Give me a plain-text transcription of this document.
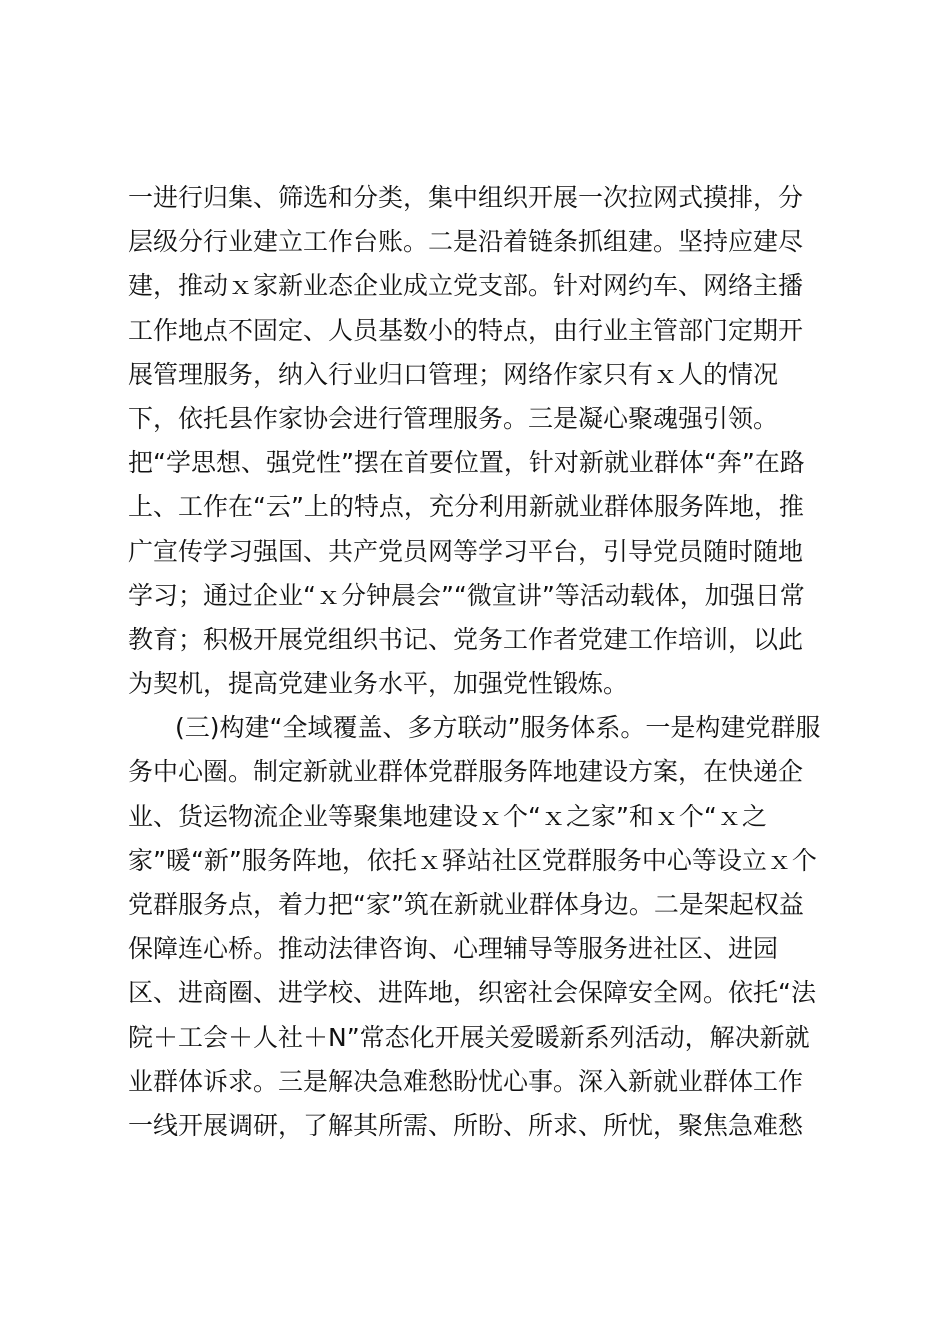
一进行归集、筛选和分类，集中组织开展一次拉网式摸排，分
层级分行业建立工作台账。二是沿着链条抓组建。坚持应建尽
建，推动ｘ家新业态企业成立党支部。针对网约车、网络主播
工作地点不固定、人员基数小的特点，由行业主管部门定期开
展管理服务，纳入行业归口管理；网络作家只有ｘ人的情况
下，依托县作家协会进行管理服务。三是凝心聚魂强引领。
把“学思想、强党性”摆在首要位置，针对新就业群体“奔”在路
上、工作在“云”上的特点，充分利用新就业群体服务阵地，推
广宣传学习强国、共产党员网等学习平台，引导党员随时随地
学习；通过企业“ｘ分钟晨会”“微宣讲”等活动载体，加强日常
教育；积极开展党组织书记、党务工作者党建工作培训，以此
为契机，提高党建业务水平，加强党性锻炼。
(三)构建“全域覆盖、多方联动”服务体系。一是构建党群服
务中心圈。制定新就业群体党群服务阵地建设方案，在快递企
业、货运物流企业等聚集地建设ｘ个“ｘ之家”和ｘ个“ｘ之
家”暖“新”服务阵地，依托ｘ驿站社区党群服务中心等设立ｘ个
党群服务点，着力把“家”筑在新就业群体身边。二是架起权益
保障连心桥。推动法律咨询、心理辅导等服务进社区、进园
区、进商圈、进学校、进阵地，织密社会保障安全网。依托“法
院＋工会＋人社＋N”常态化开展关爱暖新系列活动，解决新就
业群体诉求。三是解决急难愁盼忧心事。深入新就业群体工作
一线开展调研，了解其所需、所盼、所求、所忧，聚焦急难愁
